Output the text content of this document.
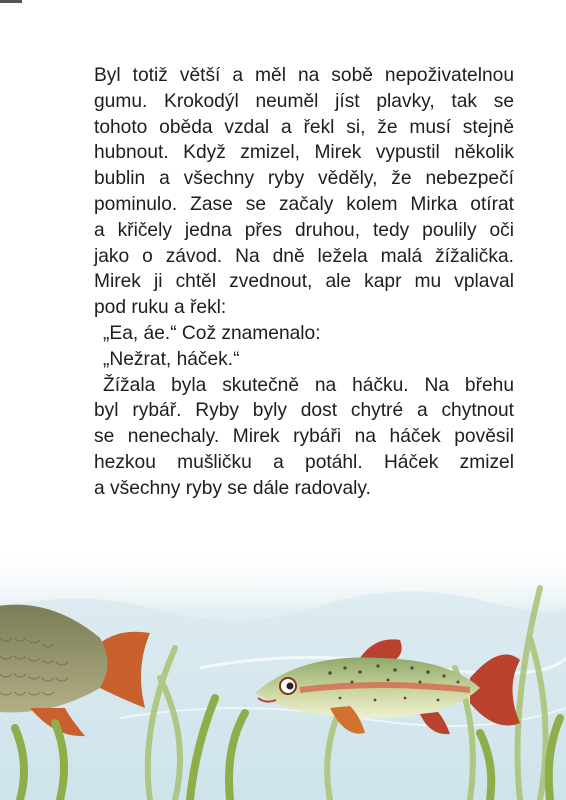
Byl totiž větší a měl na sobě nepoživatelnou

gumu. Krokodýl neuměl jíst plavky, tak se

tohoto oběda vzdal a řekl si, že musí stejně

hubnout. Když zmizel, Mirek vypustil několik

bublin a všechny ryby věděly, že nebezpečí

pominulo. Zase se začaly kolem Mirka otírat

a křičely jedna přes druhou, tedy poulily oči

jako o závod. Na dně ležela malá žížalička.

Mirek ji chtěl zvednout, ale kapr mu vplaval

pod ruku a řekl:

„Ea, áe.“ Což znamenalo:

„Nežrat, háček.“

Žížala byla skutečně na háčku. Na břehu

byl rybář. Ryby byly dost chytré a chytnout

se nenechaly. Mirek rybáři na háček pověsil

hezkou mušličku a potáhl. Háček zmizel

a všechny ryby se dále radovaly.
